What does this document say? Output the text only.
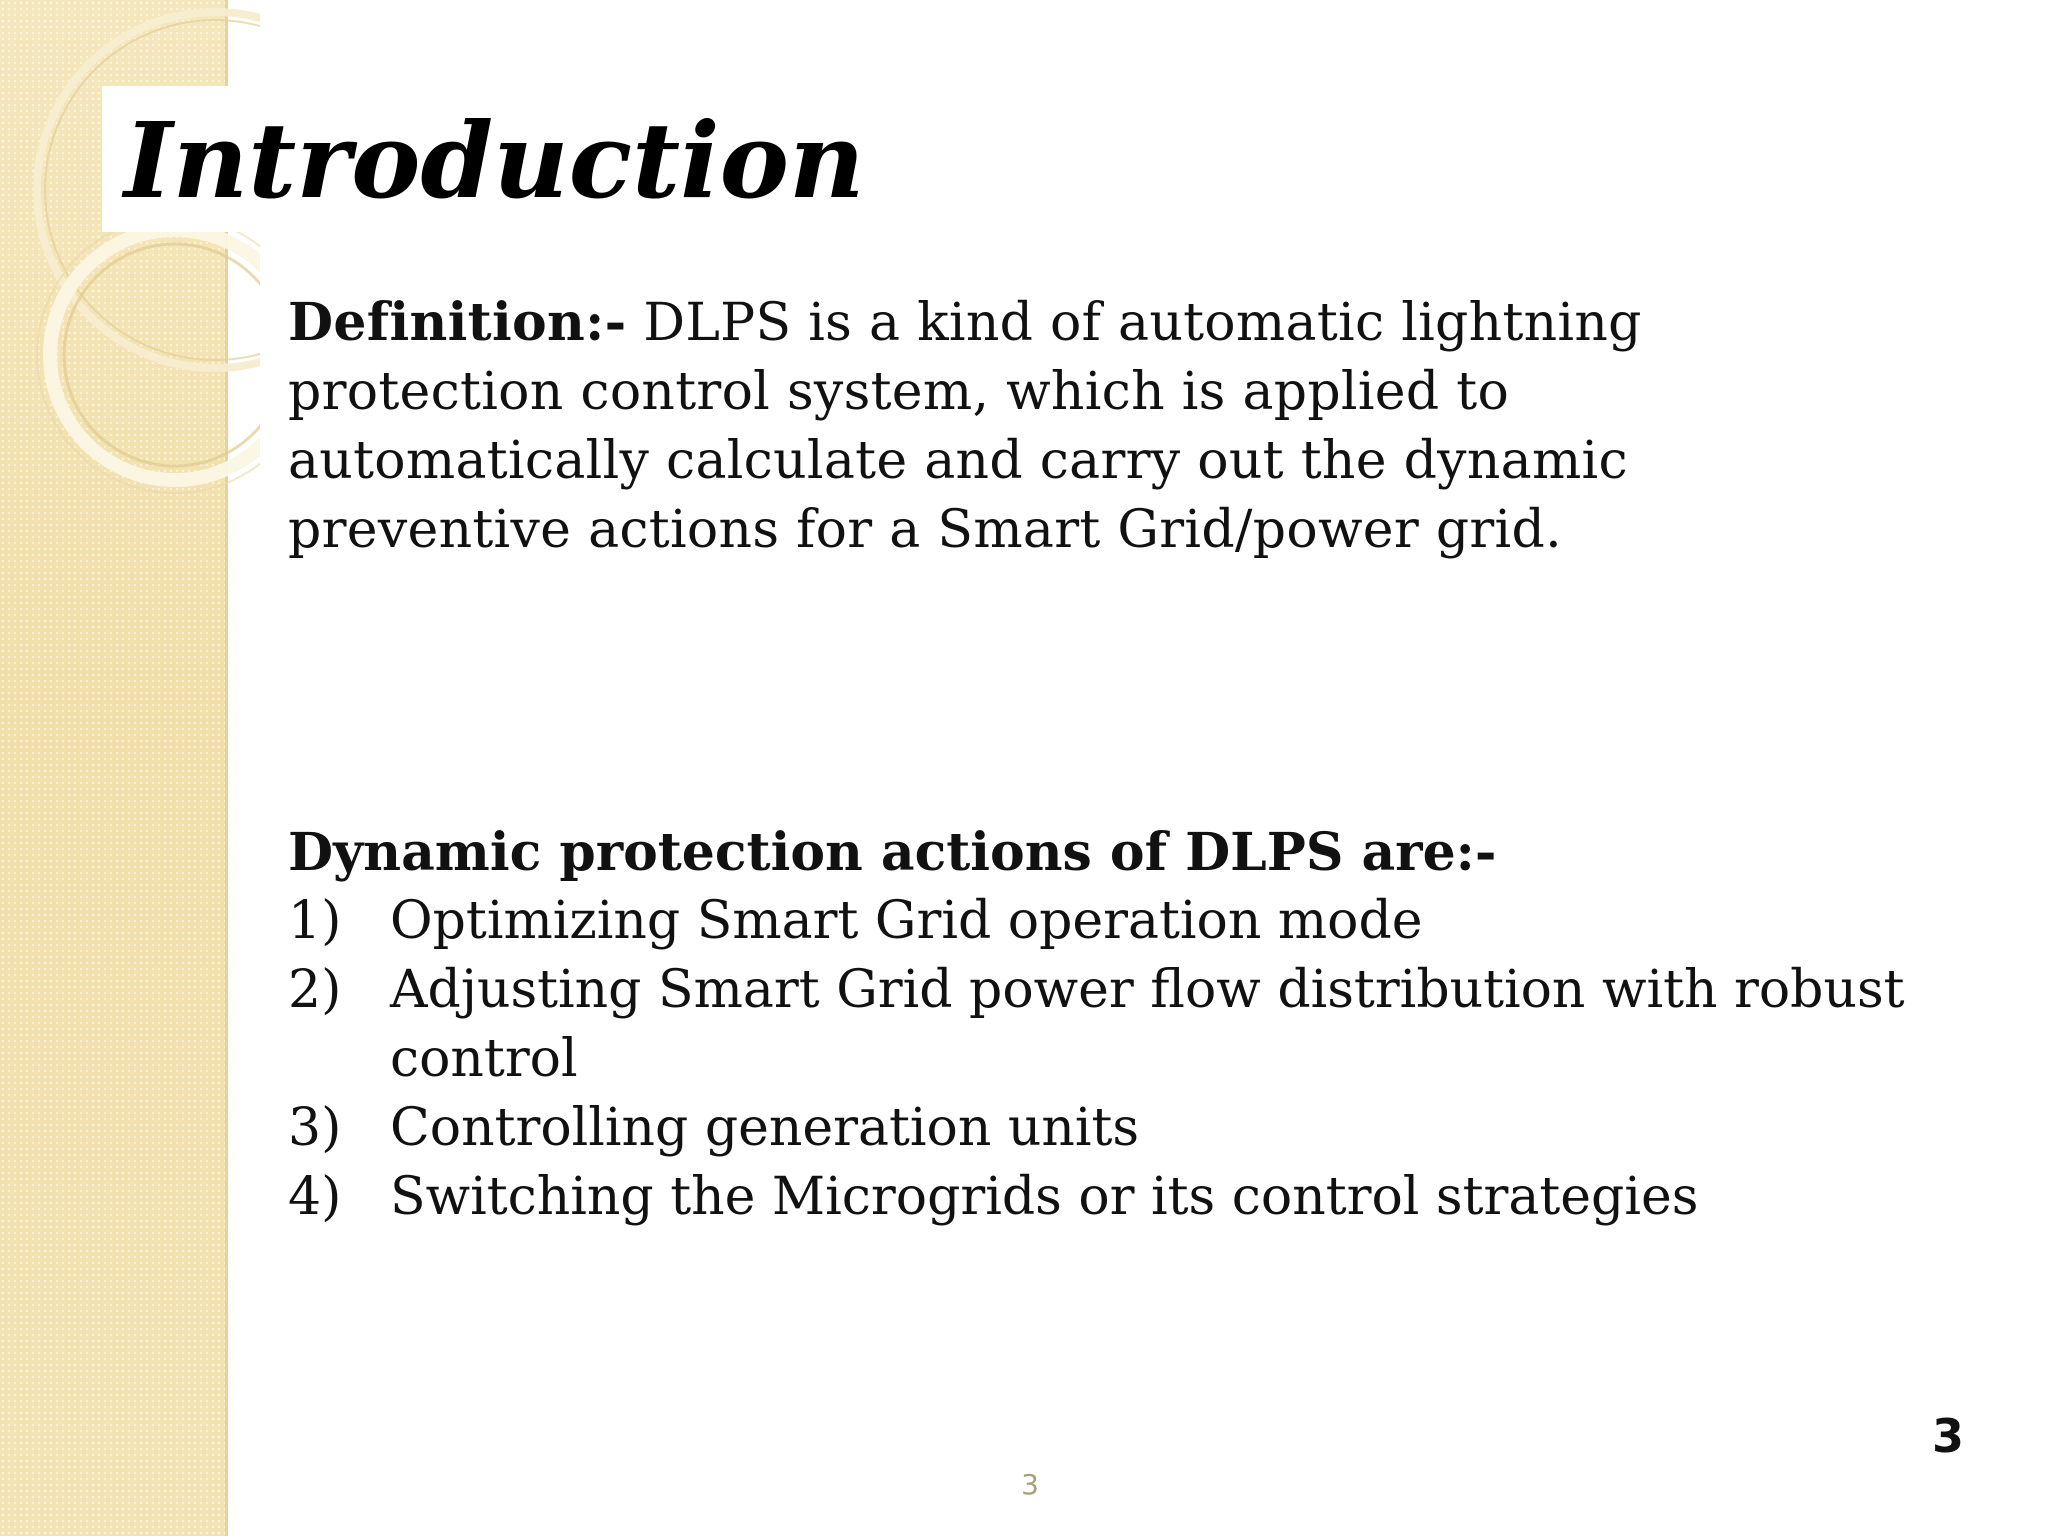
Introduction

Definition:- DLPS is a kind of automatic lightning protection control system, which is applied to automatically calculate and carry out the dynamic preventive actions for a Smart Grid/power grid.

Dynamic protection actions of DLPS are:-

1) Optimizing Smart Grid operation mode
2) Adjusting Smart Grid power flow distribution with robust control
3) Controlling generation units
4) Switching the Microgrids or its control strategies
3
3
